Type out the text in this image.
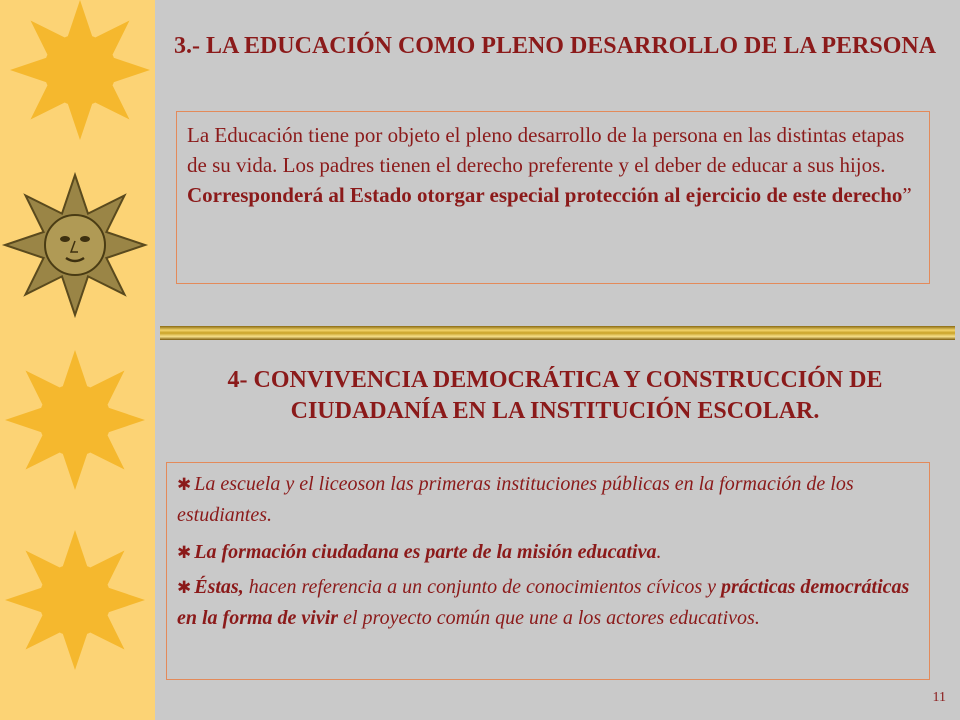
3.- LA EDUCACIÓN COMO PLENO DESARROLLO DE LA PERSONA
La Educación tiene por objeto el pleno desarrollo de la persona en las distintas etapas de su vida. Los padres tienen el derecho preferente y el deber de educar a sus hijos. Corresponderá al Estado otorgar especial protección al ejercicio de este derecho”
4- CONVIVENCIA DEMOCRÁTICA Y CONSTRUCCIÓN DE CIUDADANÍA EN LA INSTITUCIÓN ESCOLAR.

✱ La escuela y el liceoson las primeras instituciones públicas en la formación de los estudiantes.

✱ La formación ciudadana es parte de la misión educativa.

✱ Éstas, hacen referencia a un conjunto de conocimientos cívicos y prácticas democráticas en la forma de vivir el proyecto común que une a los actores educativos.

11
